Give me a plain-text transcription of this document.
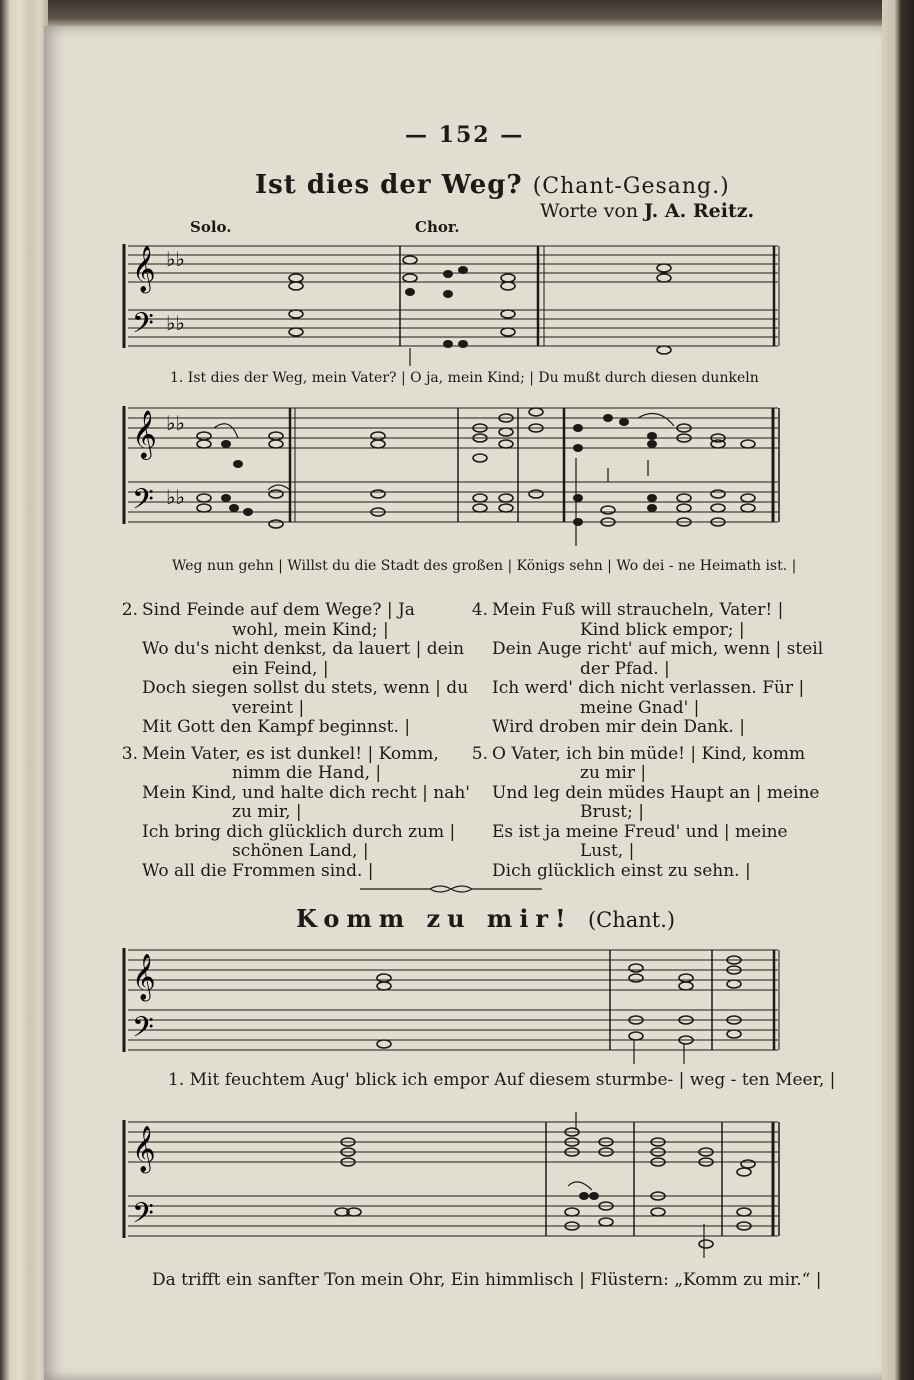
— 152 —
Ist dies der Weg? (Chant-Gesang.)
Worte von J. A. Reitz.
Solo.	Chor.
𝄞
𝄢
♭♭
♭♭
1. Ist dies der Weg, mein Vater? | O ja, mein Kind; | Du mußt durch diesen dunkeln
𝄞
𝄢
♭♭
♭♭
Weg nun gehn | Willst du die Stadt des großen | Königs sehn | Wo dei - ne Heimath ist. |
2. Sind Feinde auf dem Wege? | Ja
wohl, mein Kind; |
Wo du's nicht denkst, da lauert | dein
ein Feind, |
Doch siegen sollst du stets, wenn | du
vereint |
Mit Gott den Kampf beginnst. |
3. Mein Vater, es ist dunkel! | Komm,
nimm die Hand, |
Mein Kind, und halte dich recht | nah'
zu mir, |
Ich bring dich glücklich durch zum |
schönen Land, |
Wo all die Frommen sind. |
4. Mein Fuß will straucheln, Vater! |
Kind blick empor; |
Dein Auge richt' auf mich, wenn | steil
der Pfad. |
Ich werd' dich nicht verlassen. Für |
meine Gnad' |
Wird droben mir dein Dank. |
5. O Vater, ich bin müde! | Kind, komm
zu mir |
Und leg dein müdes Haupt an | meine
Brust; |
Es ist ja meine Freud' und | meine
Lust, |
Dich glücklich einst zu sehn. |
Komm zu mir! (Chant.)
𝄞
𝄢
1. Mit feuchtem Aug' blick ich empor Auf diesem sturmbe- | weg - ten Meer, |
𝄞
𝄢
Da trifft ein sanfter Ton mein Ohr, Ein himmlisch | Flüstern: „Komm zu mir.“ |
